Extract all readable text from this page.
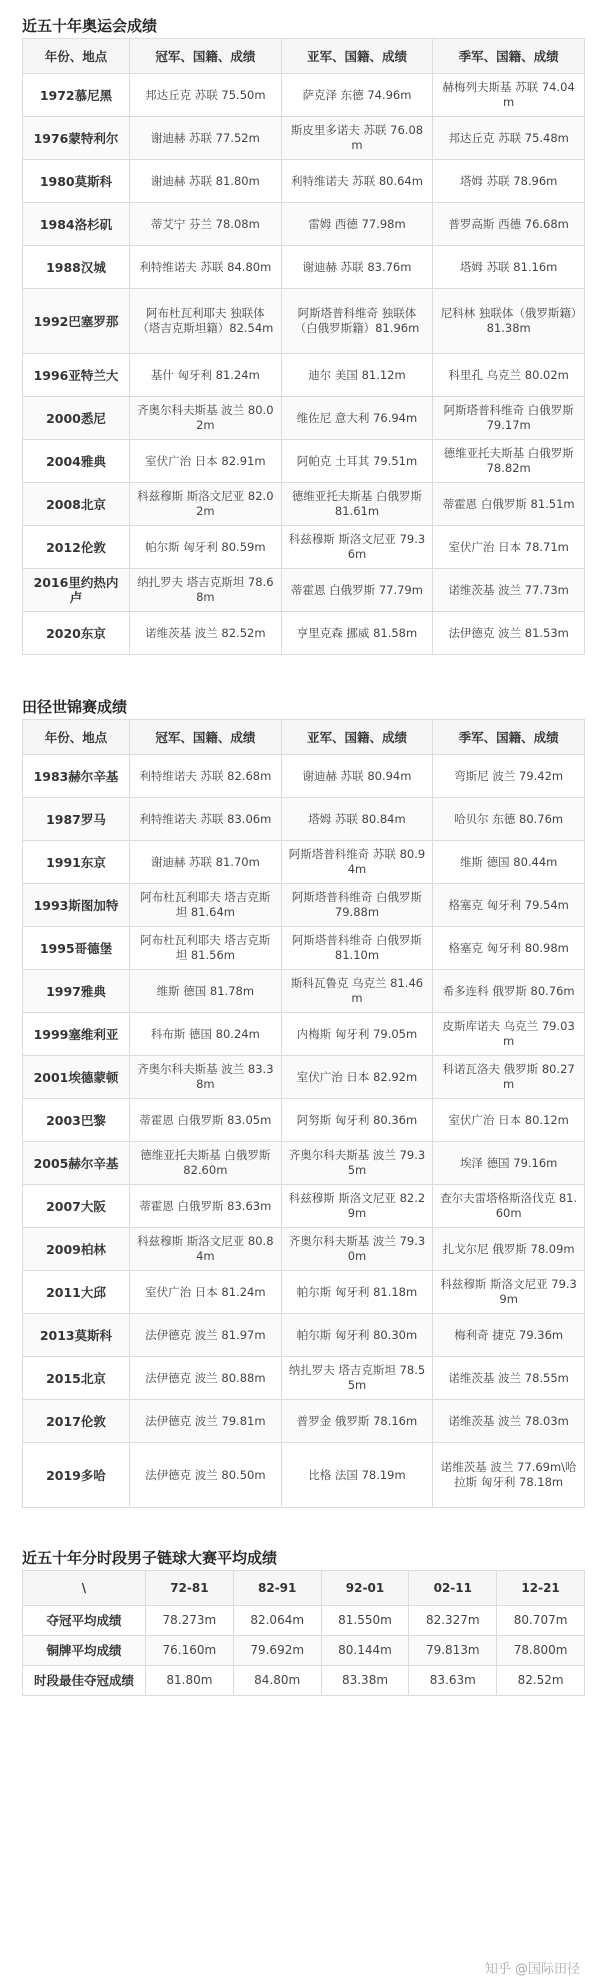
近五十年奥运会成绩
年份、地点	冠军、国籍、成绩	亚军、国籍、成绩	季军、国籍、成绩
1972慕尼黑	邦达丘克 苏联 75.50m	萨克泽 东德 74.96m	赫梅列夫斯基 苏联 74.04m
1976蒙特利尔	谢迪赫 苏联 77.52m	斯皮里多诺夫 苏联 76.08m	邦达丘克 苏联 75.48m
1980莫斯科	谢迪赫 苏联 81.80m	利特维诺夫 苏联 80.64m	塔姆 苏联 78.96m
1984洛杉矶	蒂艾宁 芬兰 78.08m	雷姆 西德 77.98m	普罗高斯 西德 76.68m
1988汉城	利特维诺夫 苏联 84.80m	谢迪赫 苏联 83.76m	塔姆 苏联 81.16m
1992巴塞罗那	阿布杜瓦利耶夫 独联体（塔吉克斯坦籍）82.54m	阿斯塔普科维奇 独联体（白俄罗斯籍）81.96m	尼科林 独联体（俄罗斯籍）81.38m
1996亚特兰大	基什 匈牙利 81.24m	迪尔 美国 81.12m	科里孔 乌克兰 80.02m
2000悉尼	齐奥尔科夫斯基 波兰 80.02m	维佐尼 意大利 76.94m	阿斯塔普科维奇 白俄罗斯 79.17m
2004雅典	室伏广治 日本 82.91m	阿帕克 土耳其 79.51m	德维亚托夫斯基 白俄罗斯 78.82m
2008北京	科兹穆斯 斯洛文尼亚 82.02m	德维亚托夫斯基 白俄罗斯 81.61m	蒂霍恩 白俄罗斯 81.51m
2012伦敦	帕尔斯 匈牙利 80.59m	科兹穆斯 斯洛文尼亚 79.36m	室伏广治 日本 78.71m
2016里约热内卢	纳扎罗夫 塔吉克斯坦 78.68m	蒂霍恩 白俄罗斯 77.79m	诺维茨基 波兰 77.73m
2020东京	诺维茨基 波兰 82.52m	亨里克森 挪威 81.58m	法伊德克 波兰 81.53m
田径世锦赛成绩
年份、地点	冠军、国籍、成绩	亚军、国籍、成绩	季军、国籍、成绩
1983赫尔辛基	利特维诺夫 苏联 82.68m	谢迪赫 苏联 80.94m	弯斯尼 波兰 79.42m
1987罗马	利特维诺夫 苏联 83.06m	塔姆 苏联 80.84m	哈贝尔 东德 80.76m
1991东京	谢迪赫 苏联 81.70m	阿斯塔普科维奇 苏联 80.94m	维斯 德国 80.44m
1993斯图加特	阿布杜瓦利耶夫 塔吉克斯坦 81.64m	阿斯塔普科维奇 白俄罗斯 79.88m	格塞克 匈牙利 79.54m
1995哥德堡	阿布杜瓦利耶夫 塔吉克斯坦 81.56m	阿斯塔普科维奇 白俄罗斯 81.10m	格塞克 匈牙利 80.98m
1997雅典	维斯 德国 81.78m	斯科瓦鲁克 乌克兰 81.46m	希多连科 俄罗斯 80.76m
1999塞维利亚	科布斯 德国 80.24m	内梅斯 匈牙利 79.05m	皮斯库诺夫 乌克兰 79.03m
2001埃德蒙顿	齐奥尔科夫斯基 波兰 83.38m	室伏广治 日本 82.92m	科诺瓦洛夫 俄罗斯 80.27m
2003巴黎	蒂霍恩 白俄罗斯 83.05m	阿努斯 匈牙利 80.36m	室伏广治 日本 80.12m
2005赫尔辛基	德维亚托夫斯基 白俄罗斯 82.60m	齐奥尔科夫斯基 波兰 79.35m	埃泽 德国 79.16m
2007大阪	蒂霍恩 白俄罗斯 83.63m	科兹穆斯 斯洛文尼亚 82.29m	查尔夫雷塔格斯洛伐克 81.60m
2009柏林	科兹穆斯 斯洛文尼亚 80.84m	齐奥尔科夫斯基 波兰 79.30m	扎戈尔尼 俄罗斯 78.09m
2011大邱	室伏广治 日本 81.24m	帕尔斯 匈牙利 81.18m	科兹穆斯 斯洛文尼亚 79.39m
2013莫斯科	法伊德克 波兰 81.97m	帕尔斯 匈牙利 80.30m	梅利奇 捷克 79.36m
2015北京	法伊德克 波兰 80.88m	纳扎罗夫 塔吉克斯坦 78.55m	诺维茨基 波兰 78.55m
2017伦敦	法伊德克 波兰 79.81m	普罗金 俄罗斯 78.16m	诺维茨基 波兰 78.03m
2019多哈	法伊德克 波兰 80.50m	比格 法国 78.19m	诺维茨基 波兰 77.69m\哈拉斯 匈牙利 78.18m
近五十年分时段男子链球大赛平均成绩
\	72-81	82-91	92-01	02-11	12-21
夺冠平均成绩	78.273m	82.064m	81.550m	82.327m	80.707m
铜牌平均成绩	76.160m	79.692m	80.144m	79.813m	78.800m
时段最佳夺冠成绩	81.80m	84.80m	83.38m	83.63m	82.52m
知乎 @国际田径
